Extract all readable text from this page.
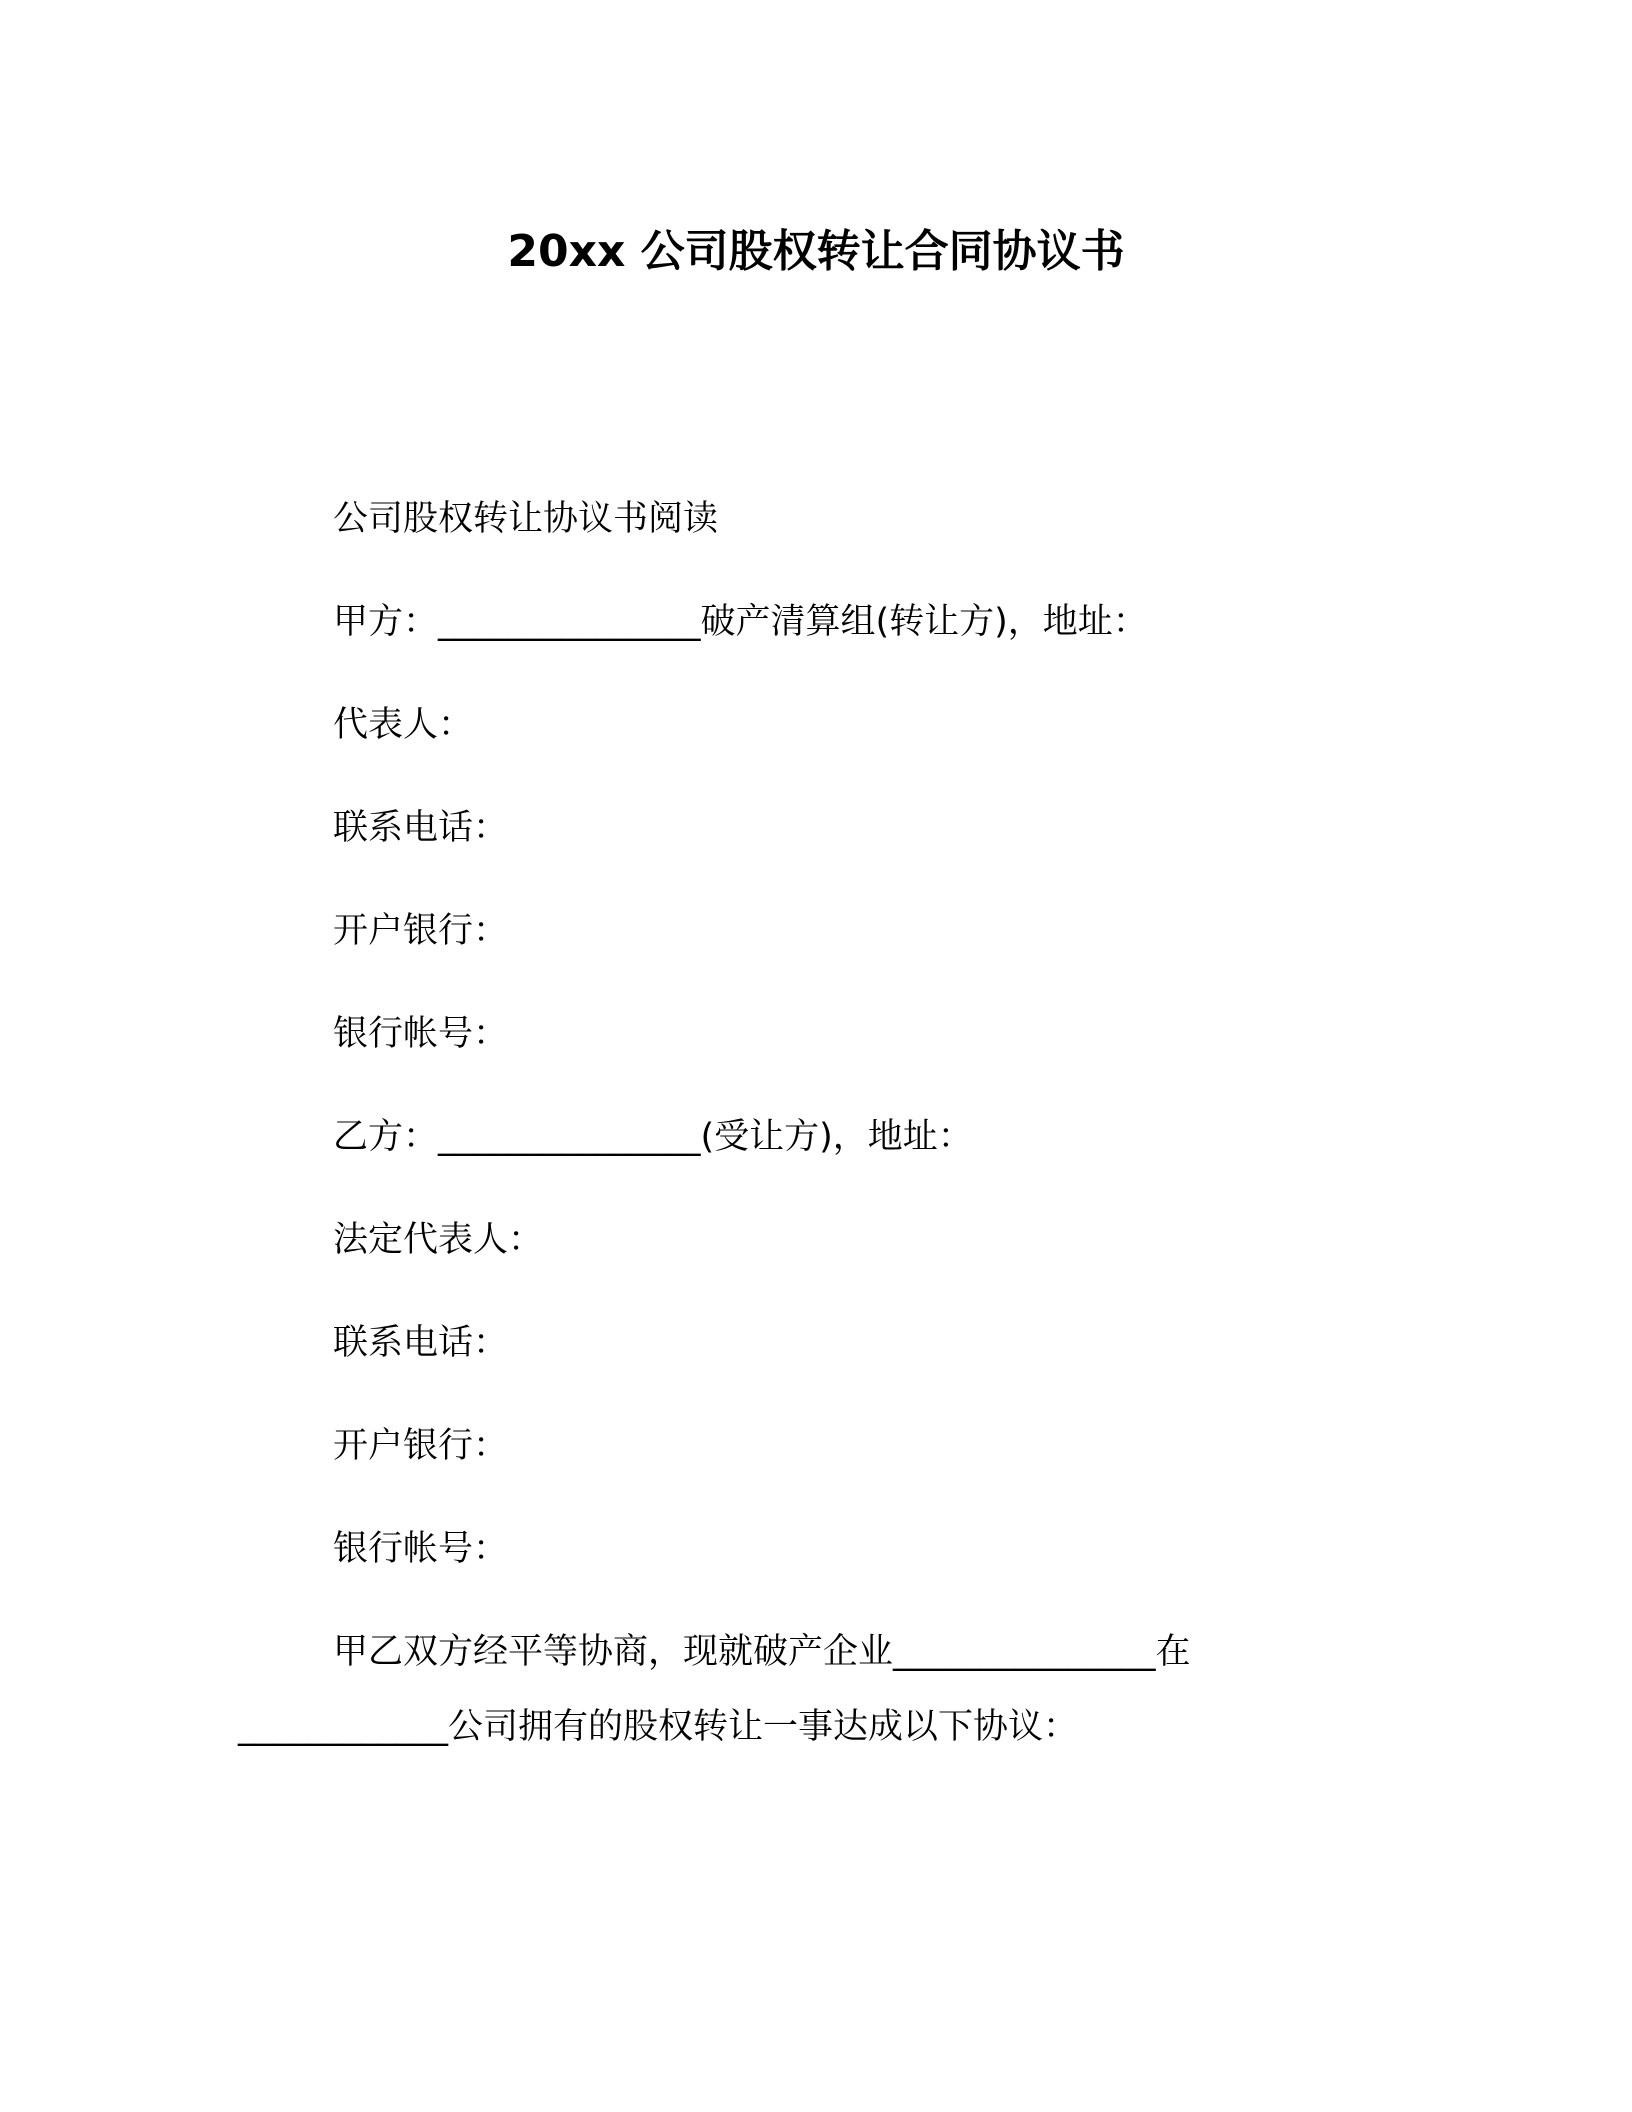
20xx 公司股权转让合同协议书
公司股权转让协议书阅读
甲方：_______________破产清算组(转让方)，地址：
代表人：
联系电话：
开户银行：
银行帐号：
乙方：_______________(受让方)，地址：
法定代表人：
联系电话：
开户银行：
银行帐号：
甲乙双方经平等协商，现就破产企业_______________在
____________公司拥有的股权转让一事达成以下协议：
